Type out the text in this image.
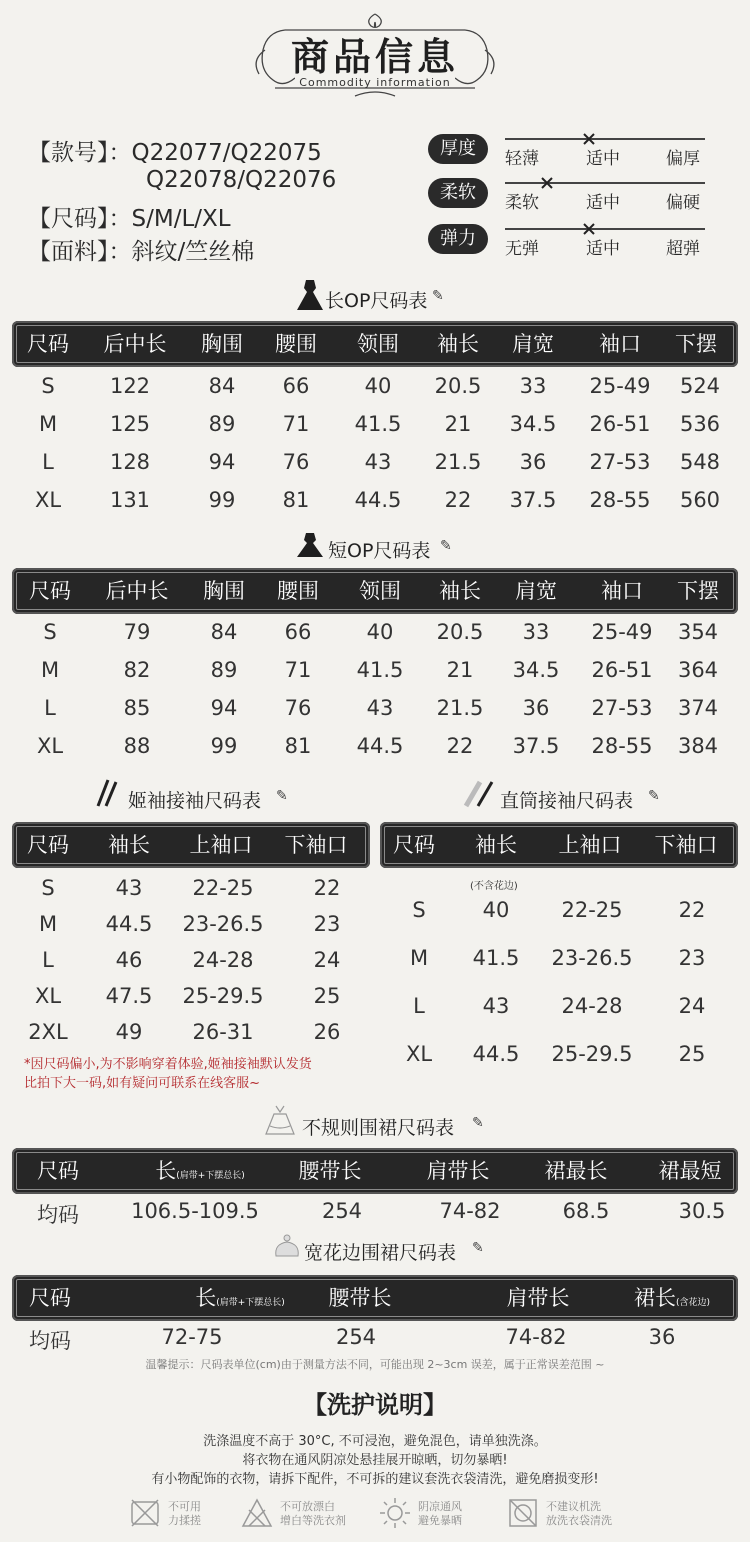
商品信息
Commodity information
【款号】：Q22077/Q22075
Q22078/Q22076
【尺码】：S/M/L/XL
【面料】：斜纹/竺丝棉
厚度	轻薄	适中	偏厚
柔软	柔软	适中	偏硬
弹力	无弹	适中	超弹
长OP尺码表 ✎
尺码 后中长 胸围 腰围 领围 袖长 肩宽 袖口 下摆
S	122	84 66	40 20.5 33 25-49 524
M	125	89 71 41.5 21 34.5 26-51 536
L	128	94 76	43 21.5 36 27-53 548
XL 131	99 81 44.5 22 37.5 28-55 560
短OP尺码表 ✎
尺码 后中长 胸围 腰围 领围 袖长 肩宽 袖口 下摆
S	79	84 66	40 20.5 33 25-49 354
M	82	89 71 41.5 21 34.5 26-51 364
L	85	94 76	43 21.5 36 27-53 374
XL	88	99 81 44.5 22 37.5 28-55 384
姬袖接袖尺码表 ✎	直筒接袖尺码表 ✎
尺码 袖长 上袖口 下袖口 尺码 袖长 上袖口 下袖口
S	43 22-25	22
M 44.5 23-26.5 23
L	46 24-28	24
XL 47.5 25-29.5 25
2XL 49 26-31	26
S	40 22-25	22
M 41.5 23-26.5 23
L	43 24-28	24
XL 44.5 25-29.5 25
(不含花边)
*因尺码偏小,为不影响穿着体验,姬袖接袖默认发货
比拍下大一码,如有疑问可联系在线客服~
不规则围裙尺码表 ✎
尺码	长(肩带+下摆总长)	腰带长	肩带长	裙最长 裙最短
均码 106.5-109.5	254	74-82	68.5	30.5
宽花边围裙尺码表 ✎
尺码	长(肩带+下摆总长) 腰带长	肩带长	裙长(含花边)
均码	72-75	254	74-82	36
温馨提示：尺码表单位(cm)由于测量方法不同，可能出现 2~3cm 误差，属于正常误差范围 ~
【洗护说明】
洗涤温度不高于 30°C, 不可浸泡，避免混色，请单独洗涤。
将衣物在通风阴凉处悬挂展开晾晒，切勿暴晒!
有小物配饰的衣物，请拆下配件，不可拆的建议套洗衣袋清洗，避免磨损变形!
不可用
力揉搓
不可放漂白
增白等洗衣剂
阴凉通风
避免暴晒
不建议机洗
放洗衣袋清洗
